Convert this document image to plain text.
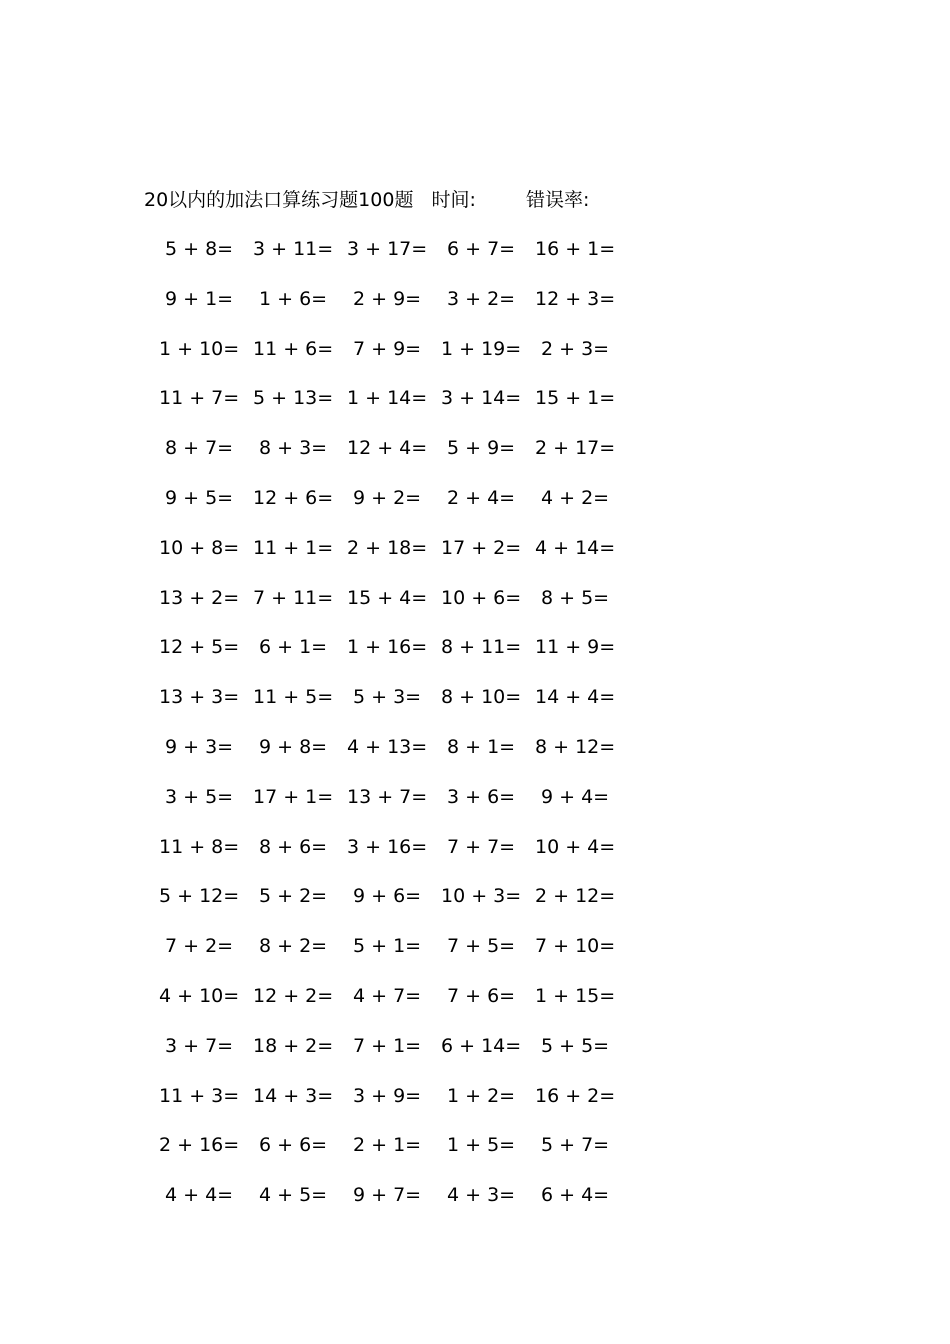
20以内的加法口算练习题100题 时间:	错误率:
5 + 8= 3 + 11= 3 + 17= 6 + 7= 16 + 1=
9 + 1= 1 + 6= 2 + 9= 3 + 2= 12 + 3=
1 + 10= 11 + 6= 7 + 9= 1 + 19= 2 + 3=
11 + 7= 5 + 13= 1 + 14= 3 + 14= 15 + 1=
8 + 7= 8 + 3= 12 + 4= 5 + 9= 2 + 17=
9 + 5= 12 + 6= 9 + 2= 2 + 4= 4 + 2=
10 + 8= 11 + 1= 2 + 18= 17 + 2= 4 + 14=
13 + 2= 7 + 11= 15 + 4= 10 + 6= 8 + 5=
12 + 5= 6 + 1= 1 + 16= 8 + 11= 11 + 9=
13 + 3= 11 + 5= 5 + 3= 8 + 10= 14 + 4=
9 + 3= 9 + 8= 4 + 13= 8 + 1= 8 + 12=
3 + 5= 17 + 1= 13 + 7= 3 + 6= 9 + 4=
11 + 8= 8 + 6= 3 + 16= 7 + 7= 10 + 4=
5 + 12= 5 + 2= 9 + 6= 10 + 3= 2 + 12=
7 + 2= 8 + 2= 5 + 1= 7 + 5= 7 + 10=
4 + 10= 12 + 2= 4 + 7= 7 + 6= 1 + 15=
3 + 7= 18 + 2= 7 + 1= 6 + 14= 5 + 5=
11 + 3= 14 + 3= 3 + 9= 1 + 2= 16 + 2=
2 + 16= 6 + 6= 2 + 1= 1 + 5= 5 + 7=
4 + 4= 4 + 5= 9 + 7= 4 + 3= 6 + 4=
